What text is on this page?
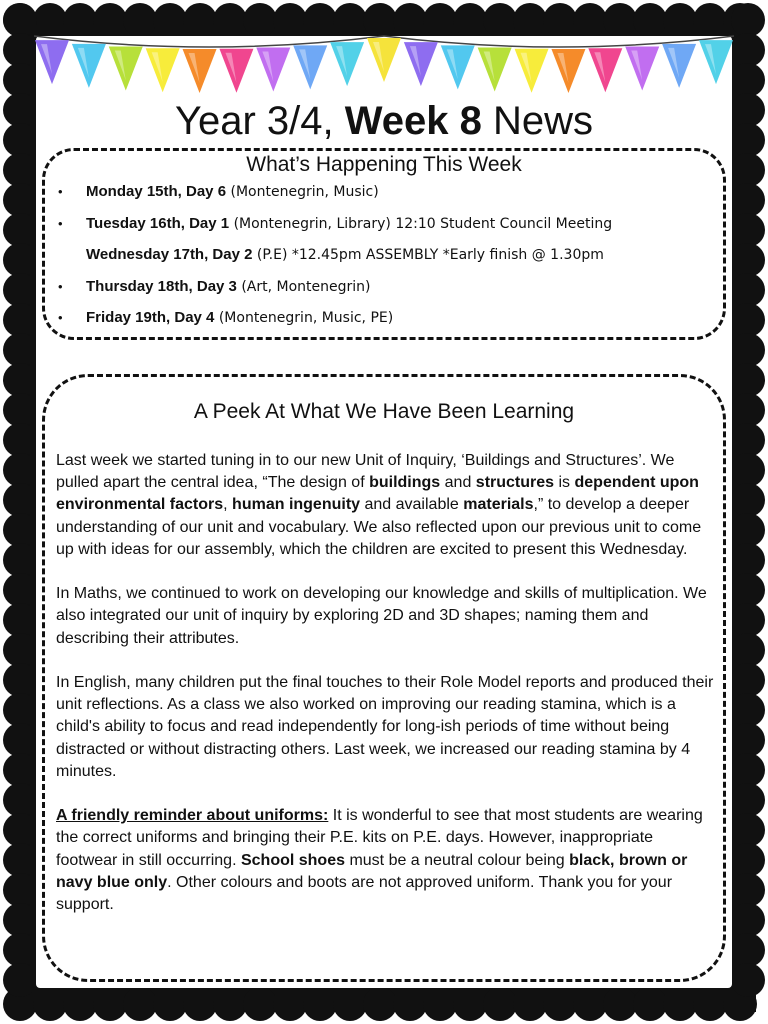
Year 3/4, Week 8 News
What’s Happening This Week
• Monday 15th, Day 6 (Montenegrin, Music)
• Tuesday 16th, Day 1 (Montenegrin, Library) 12:10 Student Council Meeting
Wednesday 17th, Day 2 (P.E) *12.45pm ASSEMBLY *Early finish @ 1.30pm
• Thursday 18th, Day 3 (Art, Montenegrin)
• Friday 19th, Day 4 (Montenegrin, Music, PE)
A Peek At What We Have Been Learning

Last week we started tuning in to our new Unit of Inquiry, ‘Buildings and Structures’. We pulled apart the central idea, “The design of buildings and structures is dependent upon environmental factors, human ingenuity and available materials,” to develop a deeper understanding of our unit and vocabulary. We also reflected upon our previous unit to come up with ideas for our assembly, which the children are excited to present this Wednesday.

In Maths, we continued to work on developing our knowledge and skills of multiplication. We also integrated our unit of inquiry by exploring 2D and 3D shapes; naming them and describing their attributes.

In English, many children put the final touches to their Role Model reports and produced their unit reflections. As a class we also worked on improving our reading stamina, which is a child's ability to focus and read independently for long-ish periods of time without being distracted or without distracting others. Last week, we increased our reading stamina by 4 minutes.

A friendly reminder about uniforms: It is wonderful to see that most students are wearing the correct uniforms and bringing their P.E. kits on P.E. days. However, inappropriate footwear in still occurring. School shoes must be a neutral colour being black, brown or navy blue only. Other colours and boots are not approved uniform. Thank you for your support.
